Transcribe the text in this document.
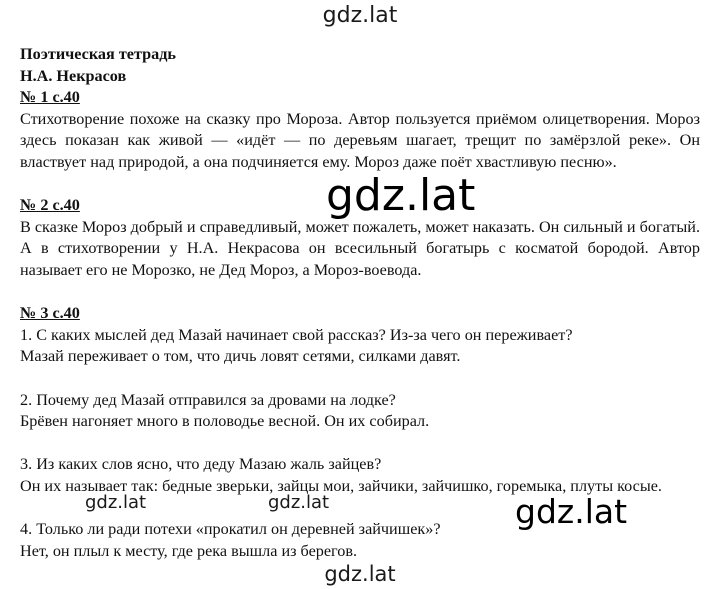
gdz.lat

Поэтическая тетрадь

Н.А. Некрасов

№ 1 с.40

Стихотворение похоже на сказку про Мороза. Автор пользуется приёмом олицетворения. Мороз здесь показан как живой — «идёт — по деревьям шагает, трещит по замёрзлой реке». Он властвует над природой, а она подчиняется ему. Мороз даже поёт хвастливую песню».

№ 2 с.40

В сказке Мороз добрый и справедливый, может пожалеть, может наказать. Он сильный и богатый. А в стихотворении у Н.А. Некрасова он всесильный богатырь с косматой бородой. Автор называет его не Морозко, не Дед Мороз, а Мороз-воевода.

№ 3 с.40

1. С каких мыслей дед Мазай начинает свой рассказ? Из-за чего он переживает?

Мазай переживает о том, что дичь ловят сетями, силками давят.

2. Почему дед Мазай отправился за дровами на лодке?

Брёвен нагоняет много в половодье весной. Он их собирал.

3. Из каких слов ясно, что деду Мазаю жаль зайцев?

Он их называет так: бедные зверьки, зайцы мои, зайчики, зайчишко, горемыка, плуты косые.

4. Только ли ради потехи «прокатил он деревней зайчишек»?

Нет, он плыл к месту, где река вышла из берегов.

gdz.lat
gdz.lat	gdz.lat	gdz.lat
gdz.lat
